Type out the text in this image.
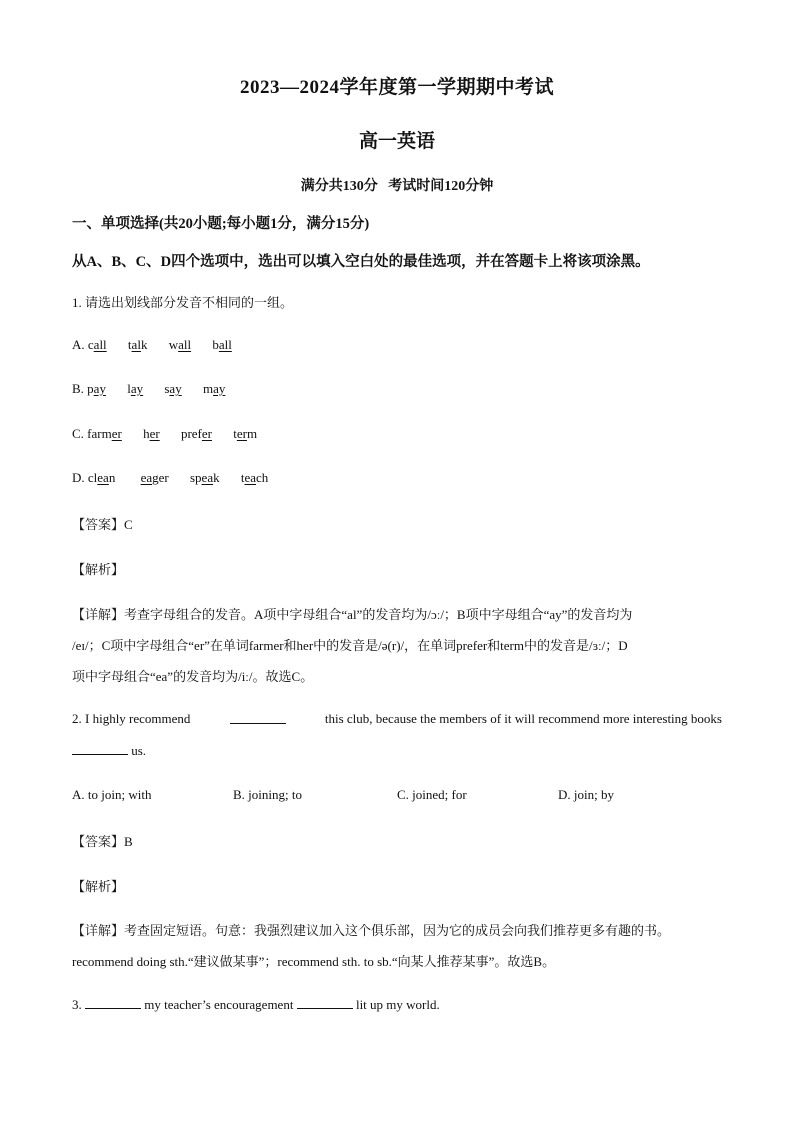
2023—2024学年度第一学期期中考试
高一英语
满分共130分   考试时间120分钟
一、单项选择(共20小题;每小题1分，满分15分)
从A、B、C、D四个选项中，选出可以填入空白处的最佳选项，并在答题卡上将该项涂黑。
1. 请选出划线部分发音不相同的一组。
A. call talk wall ball
B. pay lay say may
C. farmer her prefer term
D. clean eager speak teach
【答案】C
【解析】
【详解】考查字母组合的发音。A项中字母组合“al”的发音均为/ɔː/；B项中字母组合“ay”的发音均为
/eɪ/；C项中字母组合“er”在单词farmer和her中的发音是/ə(r)/，在单词prefer和term中的发音是/ɜː/；D
项中字母组合“ea”的发音均为/iː/。故选C。
2. I highly recommend	this club, because the members of it will recommend more interesting books
us.
A. to join; with	B. joining; to	C. joined; for	D. join; by
【答案】B
【解析】
【详解】考查固定短语。句意：我强烈建议加入这个俱乐部，因为它的成员会向我们推荐更多有趣的书。
recommend doing sth.“建议做某事”；recommend sth. to sb.“向某人推荐某事”。故选B。
3.	my teacher’s encouragement	lit up my world.
